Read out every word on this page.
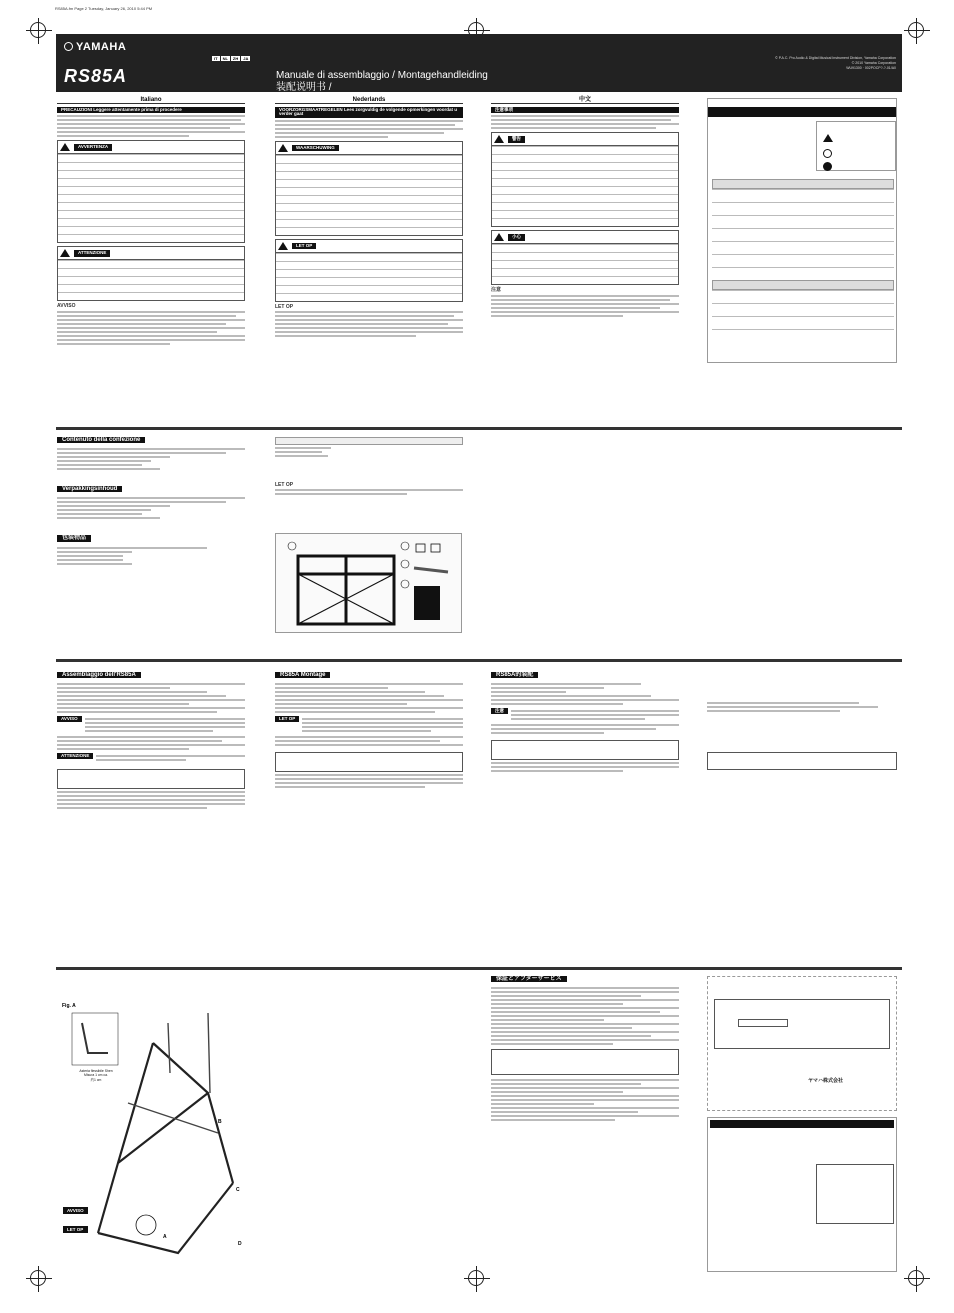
RS85A.fm Page 2 Tuesday, January 26, 2010 5:44 PM
YAMAHA
RS85A
IT	NL	ZH	JA
Manuale di assemblaggio / Montagehandleiding
装配说明书 /
© P.A.C. Pro Audio & Digital Musical Instrument Division, Yamaha Corporation
© 2010 Yamaha Corporation
WU91300 · 002POCP?-?-01/A0
Italiano
PRECAUZIONI Leggere attentamente prima di procedere
AVVERTENZA
ATTENZIONE
AVVISO
Nederlands
VOORZORGSMAATREGELEN Lees zorgvuldig de volgende opmerkingen voordat u verder gaat
WAARSCHUWING
LET OP
LET OP
中文
注意事项
警告
小心
注意
Contenuto della confezione
Verpakkingsinhoud
包装物品
LET OP
Assemblaggio dell'RS85A
AVVISO
ATTENZIONE
RS85A Montage
LET OP
RS85A的装配
注意
Fig. A
A
B
C
D
Asteria flessibile Shen
Misura 1 cm ca.
约1 cm
AVVISO
LET OP
保証とアフターサービス
ヤマハ株式会社
